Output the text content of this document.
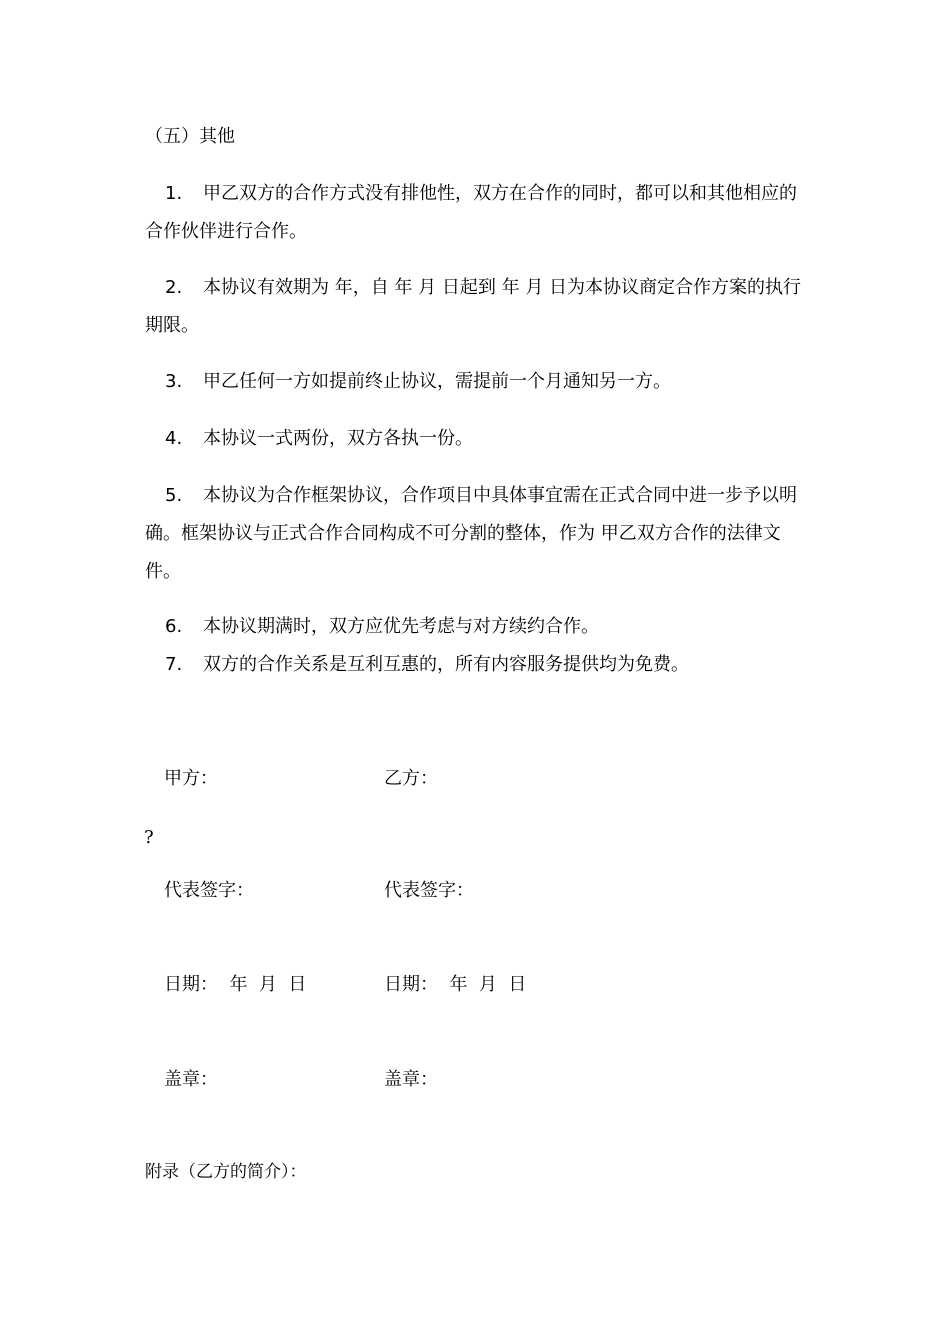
（五）其他

1. 甲乙双方的合作方式没有排他性，双方在合作的同时，都可以和其他相应的合作伙伴进行合作。

2. 本协议有效期为 年，自 年 月 日起到 年 月 日为本协议商定合作方案的执行期限。

3. 甲乙任何一方如提前终止协议，需提前一个月通知另一方。

4. 本协议一式两份，双方各执一份。

5. 本协议为合作框架协议，合作项目中具体事宜需在正式合同中进一步予以明确。框架协议与正式合作合同构成不可分割的整体，作为 甲乙双方合作的法律文件。

6. 本协议期满时，双方应优先考虑与对方续约合作。

7. 双方的合作关系是互利互惠的，所有内容服务提供均为免费。

甲方：	乙方：

?

代表签字：	代表签字：

日期：  年  月  日	日期：  年  月  日

盖章：	盖章：

附录（乙方的简介）：
